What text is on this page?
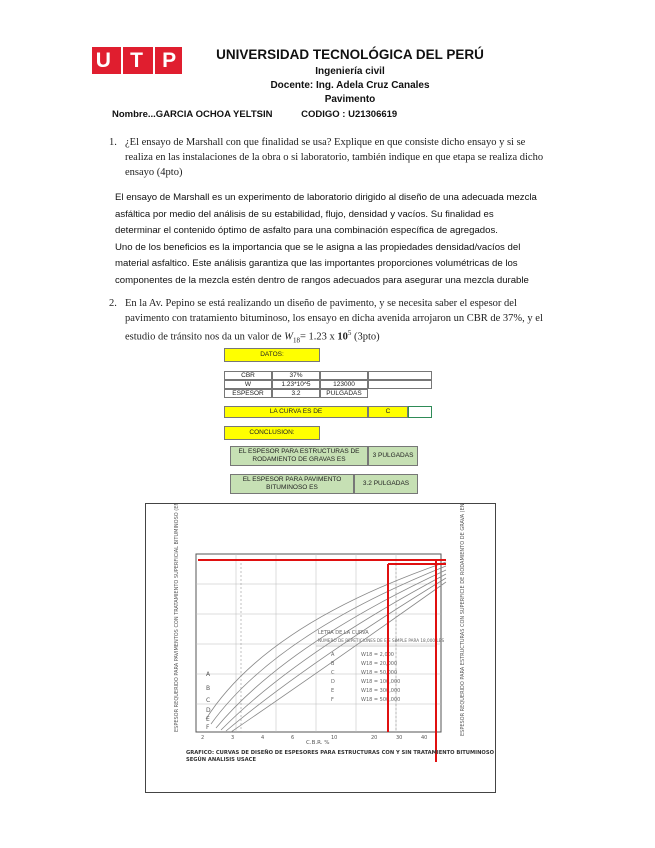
U T P	UNIVERSIDAD TECNOLÓGICA DEL PERÚ
Ingeniería civil
Docente: Ing. Adela Cruz Canales
Pavimento
Nombre...GARCIA OCHOA YELTSIN	CODIGO : U21306619
1. ¿El ensayo de Marshall con que finalidad se usa? Explique en que consiste dicho ensayo y si se
realiza en las instalaciones de la obra o si laboratorio, también indique en que etapa se realiza dicho
ensayo (4pto)

El ensayo de Marshall es un experimento de laboratorio dirigido al diseño de una adecuada mezcla

asfáltica por medio del análisis de su estabilidad, flujo, densidad y vacíos. Su finalidad es

determinar el contenido óptimo de asfalto para una combinación específica de agregados.

Uno de los beneficios es la importancia que se le asigna a las propiedades densidad/vacíos del

material asfaltico. Este análisis garantiza que las importantes proporciones volumétricas de los

componentes de la mezcla estén dentro de rangos adecuados para asegurar una mezcla durable

2. En la Av. Pepino se está realizando un diseño de pavimento, y se necesita saber el espesor del
pavimento con tratamiento bituminoso, los ensayo en dicha avenida arrojaron un CBR de 37%, y el
estudio de tránsito nos da un valor de $W_{18}= 1.23$ x $10^5$ (3pto)
DATOS:
CBR	37%
W	1.23*10^5	123000
ESPESOR	3.2	PULGADAS
LA CURVA ES DE	C
CONCLUSION:
EL ESPESOR PARA ESTRUCTURAS DE RODAMIENTO DE GRAVAS ES
3 PULGADAS
EL ESPESOR PARA PAVIMENTO BITUMINOSO ES
3.2 PULGADAS
A
B
C
D
E
F
LETRA DE LA CURVA
NUMERO DE REPETICIONES DE EJE SIMPLE PARA 18,000 LBS
A	W18 = 2,000
B	W18 = 20,000
C	W18 = 50,000
D	W18 = 100,000
E	W18 = 300,000
F	W18 = 500,000
ESPESOR REQUERIDO PARA PAVIMENTOS CON TRATAMIENTO SUPERFICIAL BITUMINOSO (EN PULGADAS)	ESPESOR REQUERIDO PARA ESTRUCTURAS CON SUPERFICIE DE RODAMIENTO DE GRAVA (EN PULGADAS)
C.B.R. %
2	3	4	6	10	20	30	40
GRAFICO: CURVAS DE DISEÑO DE ESPESORES PARA ESTRUCTURAS CON Y SIN TRATAMIENTO BITUMINOSO
SEGÚN ANALISIS USACE
